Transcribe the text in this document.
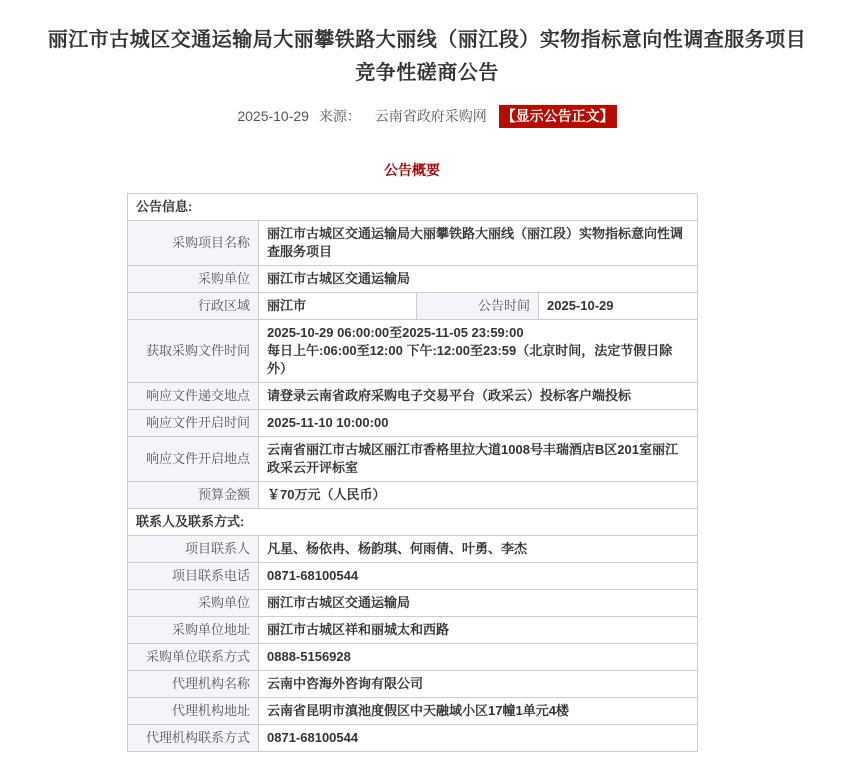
丽江市古城区交通运输局大丽攀铁路大丽线（丽江段）实物指标意向性调查服务项目竞争性磋商公告
2025-10-29 来源： 云南省政府采购网 【显示公告正文】
公告概要
公告信息:			
采购项目名称	丽江市古城区交通运输局大丽攀铁路大丽线（丽江段）实物指标意向性调查服务项目		
采购单位	丽江市古城区交通运输局		
行政区域	丽江市	公告时间	2025-10-29
获取采购文件时间	2025-10-29 06:00:00至2025-11-05 23:59:00
每日上午:06:00至12:00 下午:12:00至23:59（北京时间，法定节假日除外）		

响应文件递交地点	请登录云南省政府采购电子交易平台（政采云）投标客户端投标		
响应文件开启时间	2025-11-10 10:00:00		
响应文件开启地点	云南省丽江市古城区丽江市香格里拉大道1008号丰瑞酒店B区201室丽江政采云开评标室		
预算金额	￥70万元（人民币）		
联系人及联系方式:			
项目联系人	凡星、杨依冉、杨韵琪、何雨倩、叶勇、李杰		
项目联系电话	0871-68100544		
采购单位	丽江市古城区交通运输局		
采购单位地址	丽江市古城区祥和丽城太和西路		
采购单位联系方式	0888-5156928		
代理机构名称	云南中咨海外咨询有限公司		
代理机构地址	云南省昆明市滇池度假区中天融域小区17幢1单元4楼		
代理机构联系方式	0871-68100544		
